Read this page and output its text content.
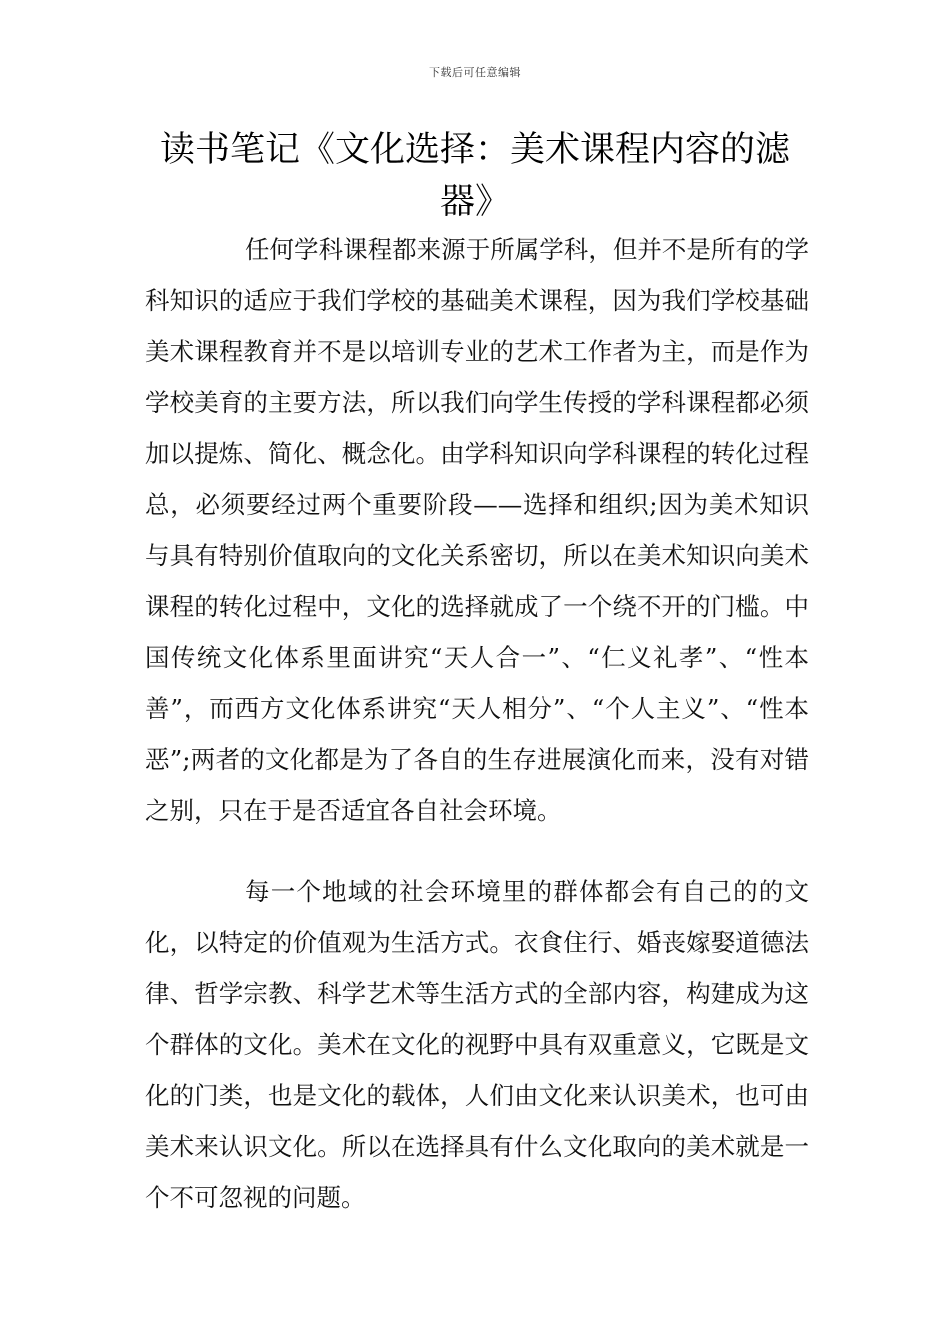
下载后可任意编辑
读书笔记《文化选择：美术课程内容的滤器》

任何学科课程都来源于所属学科，但并不是所有的学科知识的适应于我们学校的基础美术课程，因为我们学校基础美术课程教育并不是以培训专业的艺术工作者为主，而是作为学校美育的主要方法，所以我们向学生传授的学科课程都必须加以提炼、简化、概念化。由学科知识向学科课程的转化过程总，必须要经过两个重要阶段——选择和组织;因为美术知识与具有特别价值取向的文化关系密切，所以在美术知识向美术课程的转化过程中，文化的选择就成了一个绕不开的门槛。中国传统文化体系里面讲究“天人合一”、“仁义礼孝”、“性本善”，而西方文化体系讲究“天人相分”、“个人主义”、“性本恶”;两者的文化都是为了各自的生存进展演化而来，没有对错之别，只在于是否适宜各自社会环境。

每一个地域的社会环境里的群体都会有自己的的文化，以特定的价值观为生活方式。衣食住行、婚丧嫁娶道德法律、哲学宗教、科学艺术等生活方式的全部内容，构建成为这个群体的文化。美术在文化的视野中具有双重意义，它既是文化的门类，也是文化的载体，人们由文化来认识美术，也可由美术来认识文化。所以在选择具有什么文化取向的美术就是一个不可忽视的问题。
